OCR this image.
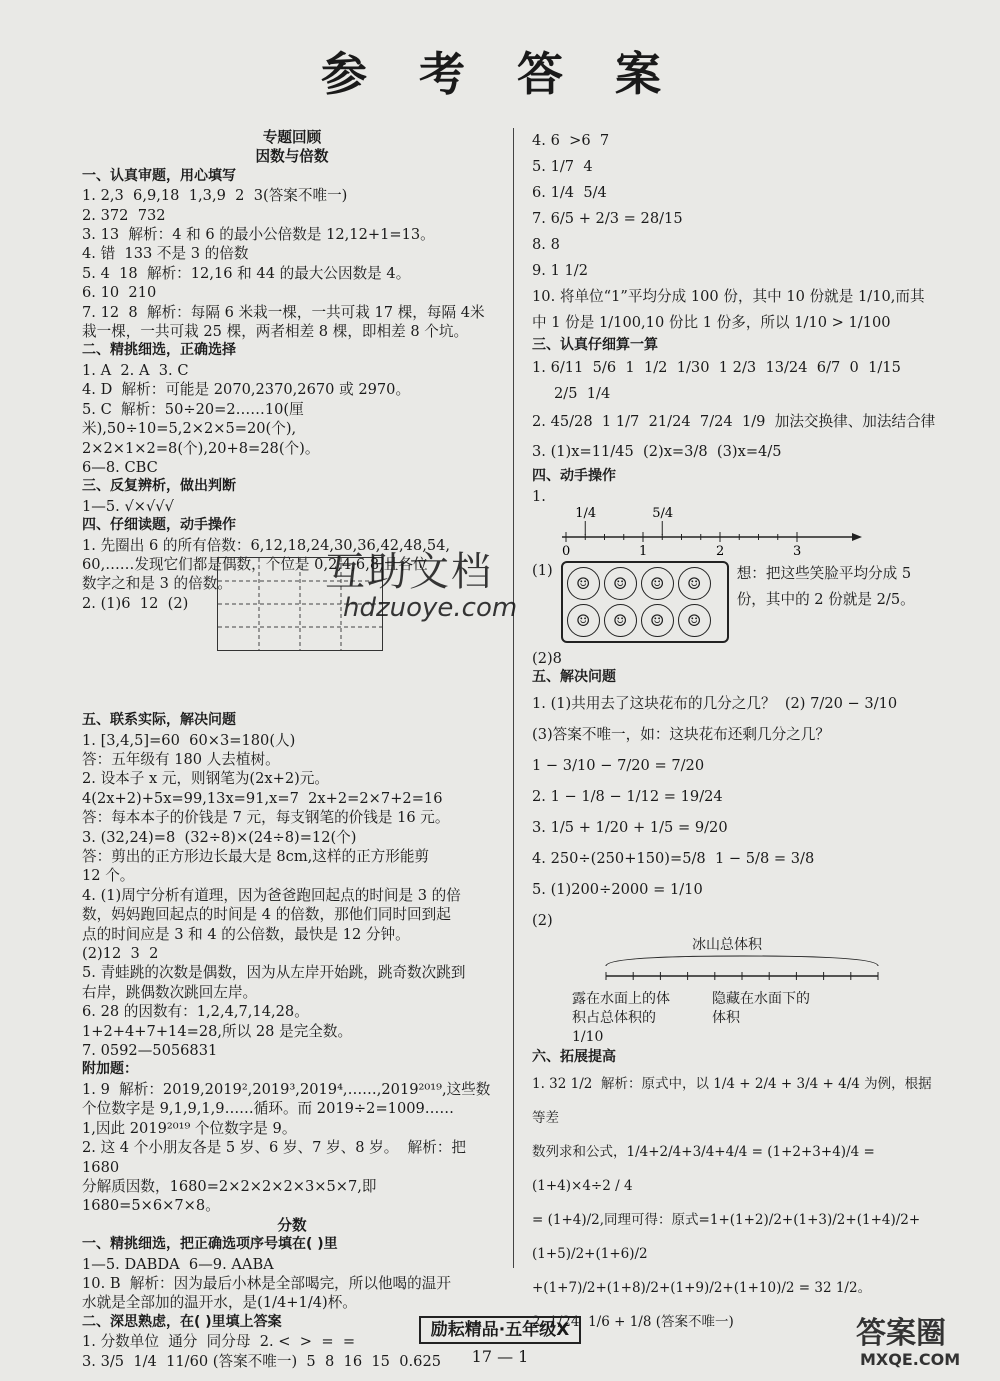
参 考 答 案
专题回顾
因数与倍数
一、认真审题，用心填写
1. 2,3  6,9,18  1,3,9  2  3(答案不唯一)
2. 372  732
3. 13  解析：4 和 6 的最小公倍数是 12,12+1=13。
4. 错  133 不是 3 的倍数
5. 4  18  解析：12,16 和 44 的最大公因数是 4。
6. 10  210
7. 12  8  解析：每隔 6 米栽一棵，一共可栽 17 棵，每隔 4米
栽一棵，一共可栽 25 棵，两者相差 8 棵，即相差 8 个坑。
二、精挑细选，正确选择
1. A  2. A  3. C
4. D  解析：可能是 2070,2370,2670 或 2970。
5. C  解析：50÷20=2……10(厘米),50÷10=5,2×2×5=20(个),
2×2×1×2=8(个),20+8=28(个)。
6—8. CBC
三、反复辨析，做出判断
1—5. √×√√√
四、仔细读题，动手操作
1. 先圈出 6 的所有倍数：6,12,18,24,30,36,42,48,54,
60,……发现它们都是偶数，个位是 0,2,4,6,8,且各位
数字之和是 3 的倍数。
2. (1)6  12  (2)
五、联系实际，解决问题
1. [3,4,5]=60  60×3=180(人)
答：五年级有 180 人去植树。
2. 设本子 x 元，则钢笔为(2x+2)元。
4(2x+2)+5x=99,13x=91,x=7  2x+2=2×7+2=16
答：每本本子的价钱是 7 元，每支钢笔的价钱是 16 元。
3. (32,24)=8  (32÷8)×(24÷8)=12(个)
答：剪出的正方形边长最大是 8cm,这样的正方形能剪
12 个。
4. (1)周宁分析有道理，因为爸爸跑回起点的时间是 3 的倍
数，妈妈跑回起点的时间是 4 的倍数，那他们同时回到起
点的时间应是 3 和 4 的公倍数，最快是 12 分钟。
(2)12  3  2
5. 青蛙跳的次数是偶数，因为从左岸开始跳，跳奇数次跳到
右岸，跳偶数次跳回左岸。
6. 28 的因数有：1,2,4,7,14,28。
1+2+4+7+14=28,所以 28 是完全数。
7. 0592—5056831
附加题：
1. 9  解析：2019,2019²,2019³,2019⁴,……,2019²⁰¹⁹,这些数
个位数字是 9,1,9,1,9……循环。而 2019÷2=1009……
1,因此 2019²⁰¹⁹ 个位数字是 9。
2. 这 4 个小朋友各是 5 岁、6 岁、7 岁、8 岁。  解析：把1680
分解质因数，1680=2×2×2×2×3×5×7,即 1680=5×6×7×8。
分数
一、精挑细选，把正确选项序号填在( )里
1—5. DABDA  6—9. AABA
10. B  解析：因为最后小林是全部喝完，所以他喝的温开
水就是全部加的温开水，是(1/4+1/4)杯。
二、深思熟虑，在( )里填上答案
1. 分数单位  通分  同分母  2. <  >  =  =
3. 3/5  1/4  11/60 (答案不唯一)  5  8  16  15  0.625
互助文档
hdzuoye.com
4. 6  >6  7
5. 1/7  4
6. 1/4  5/4
7. 6/5 + 2/3 = 28/15
8. 8
9. 1 1/2
10. 将单位“1”平均分成 100 份，其中 10 份就是 1/10,而其
中 1 份是 1/100,10 份比 1 份多，所以 1/10 > 1/100
三、认真仔细算一算
1. 6/11  5/6  1  1/2  1/30  1 2/3  13/24  6/7  0  1/15
2/5  1/4
2. 45/28  1 1/7  21/24  7/24  1/9  加法交换律、加法结合律
3. (1)x=11/45  (2)x=3/8  (3)x=4/5
四、动手操作
1.
0	1	2	3
1/4	5/4
(1)
☺	☺	☺	☺
☺	☺	☺	☺
想：把这些笑脸平均分成 5 份，其中的 2 份就是 2/5。
(2)8
五、解决问题
1. (1)共用去了这块花布的几分之几？  (2) 7/20 − 3/10
(3)答案不唯一，如：这块花布还剩几分之几？
1 − 3/10 − 7/20 = 7/20
2. 1 − 1/8 − 1/12 = 19/24
3. 1/5 + 1/20 + 1/5 = 9/20
4. 250÷(250+150)=5/8  1 − 5/8 = 3/8
5. (1)200÷2000 = 1/10
(2)
冰山总体积
露在水面上的体积占总体积的 1/10
隐藏在水面下的体积
六、拓展提高
1. 32 1/2  解析：原式中，以 1/4 + 2/4 + 3/4 + 4/4 为例，根据等差
数列求和公式，1/4+2/4+3/4+4/4 = (1+2+3+4)/4 = (1+4)×4÷2 / 4
= (1+4)/2,同理可得：原式=1+(1+2)/2+(1+3)/2+(1+4)/2+(1+5)/2+(1+6)/2
+(1+7)/2+(1+8)/2+(1+9)/2+(1+10)/2 = 32 1/2。
2. 1/24  1/6 + 1/8 (答案不唯一)
励耘精品·五年级X
17 — 1
答案圈
MXQE.COM
